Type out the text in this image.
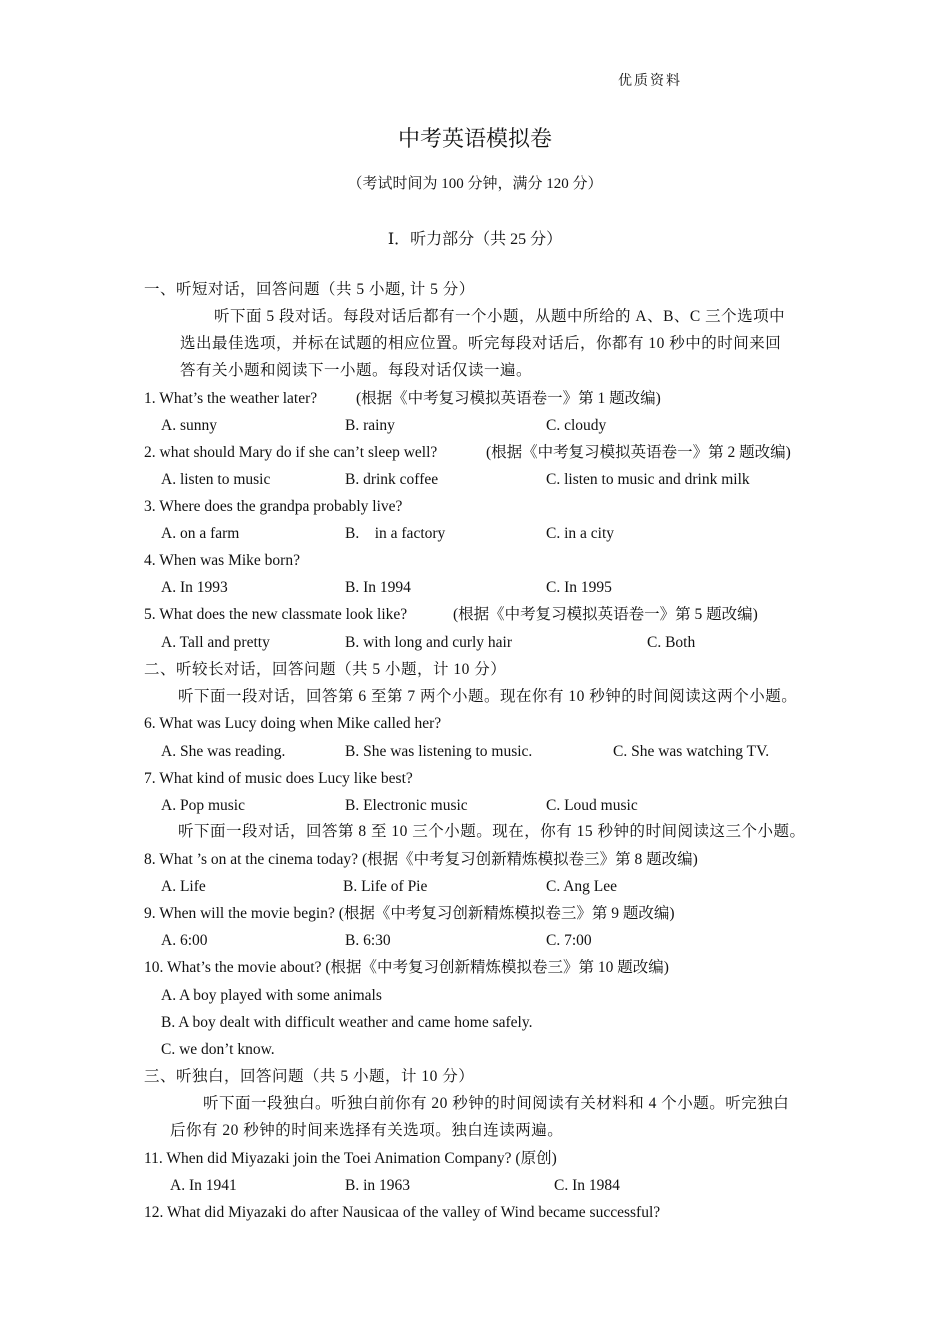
优质资料
中考英语模拟卷
（考试时间为 100 分钟，满分 120 分）
Ⅰ．听力部分（共 25 分）
一、听短对话，回答问题（共 5 小题, 计 5 分）
听下面 5 段对话。每段对话后都有一个小题，从题中所给的 A、B、C 三个选项中
选出最佳选项，并标在试题的相应位置。听完每段对话后，你都有 10 秒中的时间来回
答有关小题和阅读下一小题。每段对话仅读一遍。
1. What’s the weather later?	(根据《中考复习模拟英语卷一》第 1 题改编)
A. sunny	B. rainy	C. cloudy
2. what should Mary do if she can’t sleep well?	(根据《中考复习模拟英语卷一》第 2 题改编)
A. listen to music	B. drink coffee	C. listen to music and drink milk
3. Where does the grandpa probably live?
A. on a farm	B.    in a factory	C. in a city
4. When was Mike born?
A. In 1993	B. In 1994	C. In 1995
5. What does the new classmate look like?	(根据《中考复习模拟英语卷一》第 5 题改编)
A. Tall and pretty	B. with long and curly hair	C. Both
二、听较长对话，回答问题（共 5 小题，计 10 分）
听下面一段对话，回答第 6 至第 7 两个小题。现在你有 10 秒钟的时间阅读这两个小题。
6. What was Lucy doing when Mike called her?
A. She was reading.	B. She was listening to music.	C. She was watching TV.
7. What kind of music does Lucy like best?
A. Pop music	B. Electronic music	C. Loud music
听下面一段对话，回答第 8 至 10 三个小题。现在，你有 15 秒钟的时间阅读这三个小题。
8. What ’s on at the cinema today? (根据《中考复习创新精炼模拟卷三》第 8 题改编)
A. Life	B. Life of Pie	C. Ang Lee
9. When will the movie begin? (根据《中考复习创新精炼模拟卷三》第 9 题改编)
A. 6:00	B. 6:30	C. 7:00
10. What’s the movie about? (根据《中考复习创新精炼模拟卷三》第 10 题改编)
A. A boy played with some animals
B. A boy dealt with difficult weather and came home safely.
C. we don’t know.
三、听独白，回答问题（共 5 小题，计 10 分）
听下面一段独白。听独白前你有 20 秒钟的时间阅读有关材料和 4 个小题。听完独白
后你有 20 秒钟的时间来选择有关选项。独白连读两遍。
11. When did Miyazaki join the Toei Animation Company? (原创)
A. In 1941	B. in 1963	C. In 1984
12. What did Miyazaki do after Nausicaa of the valley of Wind became successful?
